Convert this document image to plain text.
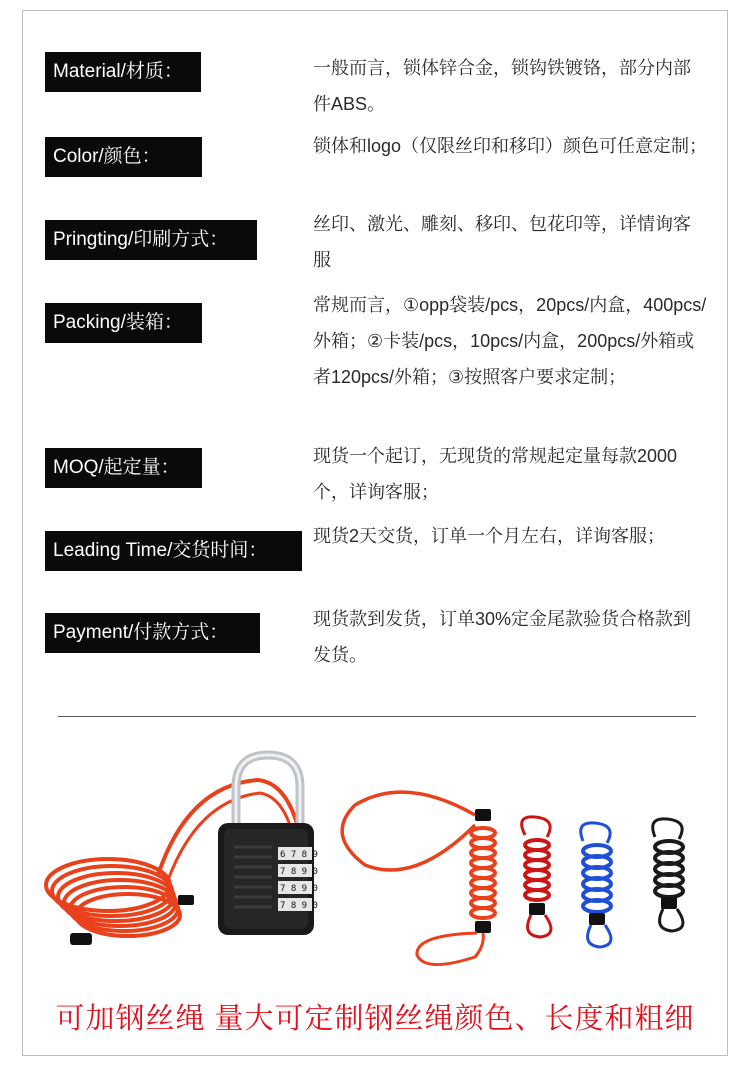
Material/材质：	一般而言，锁体锌合金，锁钩铁镀铬，部分内部件ABS。
Color/颜色：	锁体和logo（仅限丝印和移印）颜色可任意定制；
Pringting/印刷方式：
丝印、激光、雕刻、移印、包花印等，详情询客服
Packing/装箱：
常规而言，①opp袋装/pcs，20pcs/内盒，400pcs/外箱；②卡装/pcs，10pcs/内盒，200pcs/外箱或者120pcs/外箱；③按照客户要求定制；
MOQ/起定量：
现货一个起订，无现货的常规起定量每款2000个，详询客服；
Leading Time/交货时间：
现货2天交货，订单一个月左右，详询客服；
Payment/付款方式：
现货款到发货，订单30%定金尾款验货合格款到发货。
6 7 8 9
7 8 9 0
7 8 9 0
7 8 9 0
可加钢丝绳 量大可定制钢丝绳颜色、长度和粗细
